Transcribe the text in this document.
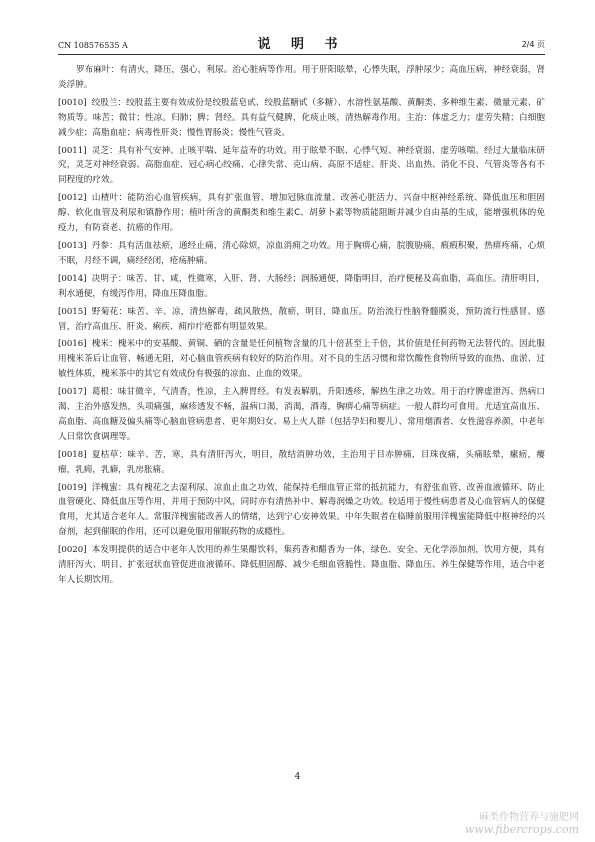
CN 108576535 A	说 明 书	2/4 页

罗布麻叶：有清火，降压，强心，利尿。治心脏病等作用。用于肝阳眩晕，心悸失眠，浮肿尿少；高血压病，神经衰弱，肾炎浮肿。

[0010] 绞股兰：绞股蓝主要有效成份是绞股蓝皂甙、绞股蓝糖甙（多糖）、水溶性氨基酸、黄酮类、多种维生素、微量元素、矿物质等。味苦；微甘；性凉。归肺；脾；肾经。具有益气健脾，化痰止咳，清热解毒作用。主治：体虚乏力；虚劳失精；白细胞减少症；高脂血症；病毒性肝炎；慢性胃肠炎；慢性气管炎。

[0011] 灵芝：具有补气安神、止咳平喘、延年益寿的功效。用于眩晕不眠、心悸气短、神经衰弱、虚劳咳喘。经过大量临床研究，灵芝对神经衰弱、高脂血症、冠心病心绞痛、心律失常、克山病、高原不适症、肝炎、出血热、消化不良、气管炎等各有不同程度的疗效。

[0012] 山楂叶：能防治心血管疾病，具有扩张血管、增加冠脉血流量、改善心脏活力、兴奋中枢神经系统、降低血压和胆固醇、软化血管及利尿和镇静作用；植叶所含的黄酮类和维生素C、胡萝卜素等物质能阻断并减少自由基的生成，能增强机体的免疫力，有防衰老、抗癌的作用。

[0013] 丹参：具有活血祛瘀，通经止痛，清心除烦，凉血消痈之功效。用于胸痹心痛，脘腹胁痛，瘕瘕积聚，热痹疼痛，心烦不眠，月经不调，痛经经闭，疮疡肿痛。

[0014] 决明子：味苦、甘、咸，性微寒，入肝、肾、大肠经；润肠通便，降脂明目，治疗便秘及高血脂，高血压。清肝明目，利水通便，有缓泻作用，降血压降血脂。

[0015] 野菊花：味苦、辛、凉，清热解毒，疏风散热，散瘀，明目，降血压。防治流行性脑脊髓膜炎，预防流行性感冒、感冒，治疗高血压、肝炎、痢疾、痈疖疔疮都有明显效果。

[0016] 槐米：槐米中的安基酸、黄铜、硒的含量是任何植物含量的几十倍甚至上千倍，其价值是任何药物无法替代的。因此服用槐米茶后让血管、畅通无阻，对心脑血管疾病有较好的防治作用。对不良的生活习惯和常饮酸性食物所导致的血热、血淤、过敏性体质，槐米茶中的其它有效成份有极强的凉血、止血的效果。

[0017] 葛根：味甘微辛，气清香，性凉，主入脾胃经。有发表解肌，升阳透疹，解热生津之功效。用于治疗脾虚泄泻、热病口渴、主治外感发热，头项痛强，麻疹透发不畅，温病口渴，消渴，酒毒，胸痹心痛等病症。一般人群均可食用。尤适宜高血压、高血脂、高血糖及偏头痛等心脑血管病患者、更年期妇女、易上火人群（包括孕妇和婴儿）、常用烟酒者、女性滋容养颜，中老年人日常饮食调理等。

[0018] 夏枯草：味辛、苦，寒，具有清肝泻火，明目，散结消肿功效，主治用于目赤肿痛，目珠夜痛，头痛眩晕，瘰疬，瘿瘤，乳痈，乳癖，乳房胀痛。

[0019] 洋槐蜜：具有槐花之去湿利尿、凉血止血之功效，能保持毛细血管正常的抵抗能力，有舒张血管、改善血液循环、防止血管硬化、降低血压等作用，并用于预防中风，同时亦有清热补中、解毒润燥之功效。较适用于慢性病患者及心血管病人的保健食用，尤其适合老年人。常服洋槐蜜能改善人的情绪，达到宁心安神效果。中年失眠者在临睡前服用洋槐蜜能降低中枢神经的兴奋剂，起到催眠的作用，还可以避免服用催眠药物的成瘾性。

[0020] 本发明提供的适合中老年人饮用的养生果醋饮料，集药香和醋香为一体，绿色、安全、无化学添加剂，饮用方便，具有清肝泻火、明目、扩张冠状血管促进血液循环、降低胆固醇、减少毛细血管脆性、降血脂、降血压、养生保健等作用，适合中老年人长期饮用。

4
麻类作物营养与施肥网
www.fibercrops.com
